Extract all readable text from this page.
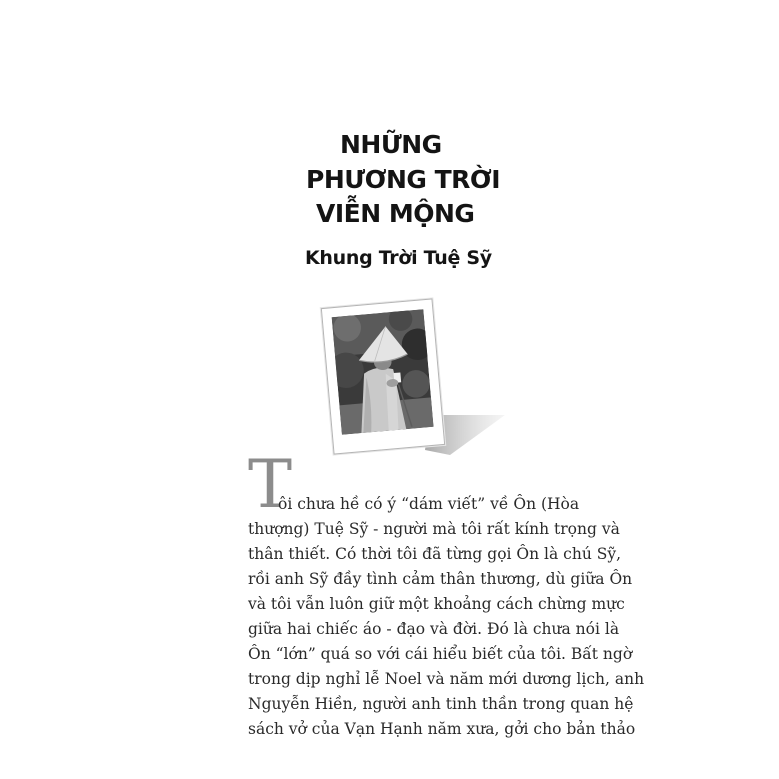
NHỮNG
PHƯƠNG TRỜI
VIỄN MỘNG
Khung Trời Tuệ Sỹ
T

ôi chưa hề có ý “dám viết” về Ôn (Hòa

thượng) Tuệ Sỹ - người mà tôi rất kính trọng và

thân thiết. Có thời tôi đã từng gọi Ôn là chú Sỹ,

rồi anh Sỹ đầy tình cảm thân thương, dù giữa Ôn

và tôi vẫn luôn giữ một khoảng cách chừng mực

giữa hai chiếc áo - đạo và đời. Đó là chưa nói là

Ôn “lớn” quá so với cái hiểu biết của tôi. Bất ngờ

trong dịp nghỉ lễ Noel và năm mới dương lịch, anh

Nguyễn Hiền, người anh tinh thần trong quan hệ

sách vở của Vạn Hạnh năm xưa, gởi cho bản thảo
